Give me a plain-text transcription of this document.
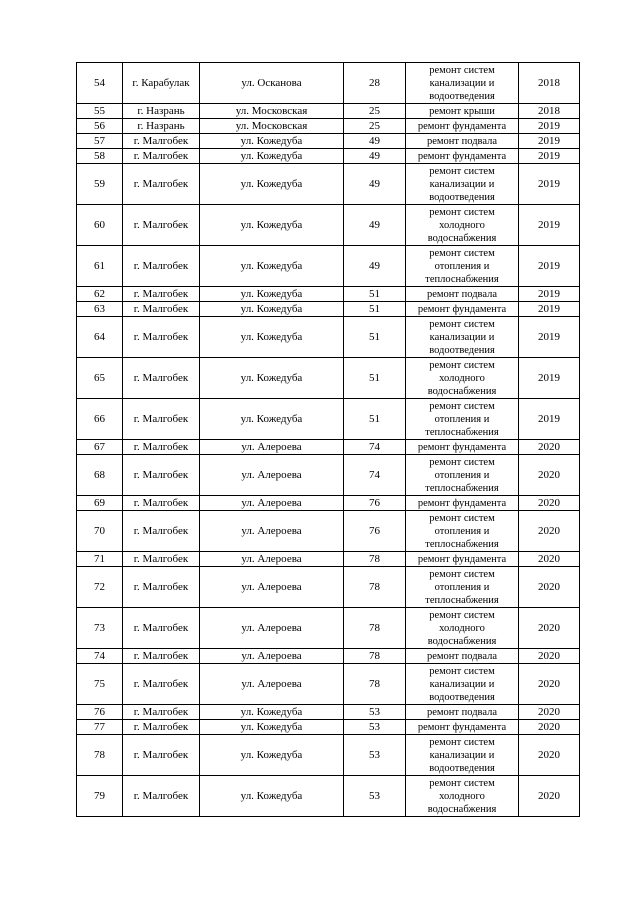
54	г. Карабулак	ул. Осканова	28	ремонт систем канализации и водоотведения	2018
55	г. Назрань	ул. Московская	25	ремонт крыши	2018
56	г. Назрань	ул. Московская	25	ремонт фундамента	2019
57	г. Малгобек	ул. Кожедуба	49	ремонт подвала	2019
58	г. Малгобек	ул. Кожедуба	49	ремонт фундамента	2019
59	г. Малгобек	ул. Кожедуба	49	ремонт систем канализации и водоотведения	2019
60	г. Малгобек	ул. Кожедуба	49	ремонт систем холодного водоснабжения	2019
61	г. Малгобек	ул. Кожедуба	49	ремонт систем отопления и теплоснабжения	2019
62	г. Малгобек	ул. Кожедуба	51	ремонт подвала	2019
63	г. Малгобек	ул. Кожедуба	51	ремонт фундамента	2019
64	г. Малгобек	ул. Кожедуба	51	ремонт систем канализации и водоотведения	2019
65	г. Малгобек	ул. Кожедуба	51	ремонт систем холодного водоснабжения	2019
66	г. Малгобек	ул. Кожедуба	51	ремонт систем отопления и теплоснабжения	2019
67	г. Малгобек	ул. Алероева	74	ремонт фундамента	2020
68	г. Малгобек	ул. Алероева	74	ремонт систем отопления и теплоснабжения	2020
69	г. Малгобек	ул. Алероева	76	ремонт фундамента	2020
70	г. Малгобек	ул. Алероева	76	ремонт систем отопления и теплоснабжения	2020
71	г. Малгобек	ул. Алероева	78	ремонт фундамента	2020
72	г. Малгобек	ул. Алероева	78	ремонт систем отопления и теплоснабжения	2020
73	г. Малгобек	ул. Алероева	78	ремонт систем холодного водоснабжения	2020
74	г. Малгобек	ул. Алероева	78	ремонт подвала	2020
75	г. Малгобек	ул. Алероева	78	ремонт систем канализации и водоотведения	2020
76	г. Малгобек	ул. Кожедуба	53	ремонт подвала	2020
77	г. Малгобек	ул. Кожедуба	53	ремонт фундамента	2020
78	г. Малгобек	ул. Кожедуба	53	ремонт систем канализации и водоотведения	2020
79	г. Малгобек	ул. Кожедуба	53	ремонт систем холодного водоснабжения	2020
